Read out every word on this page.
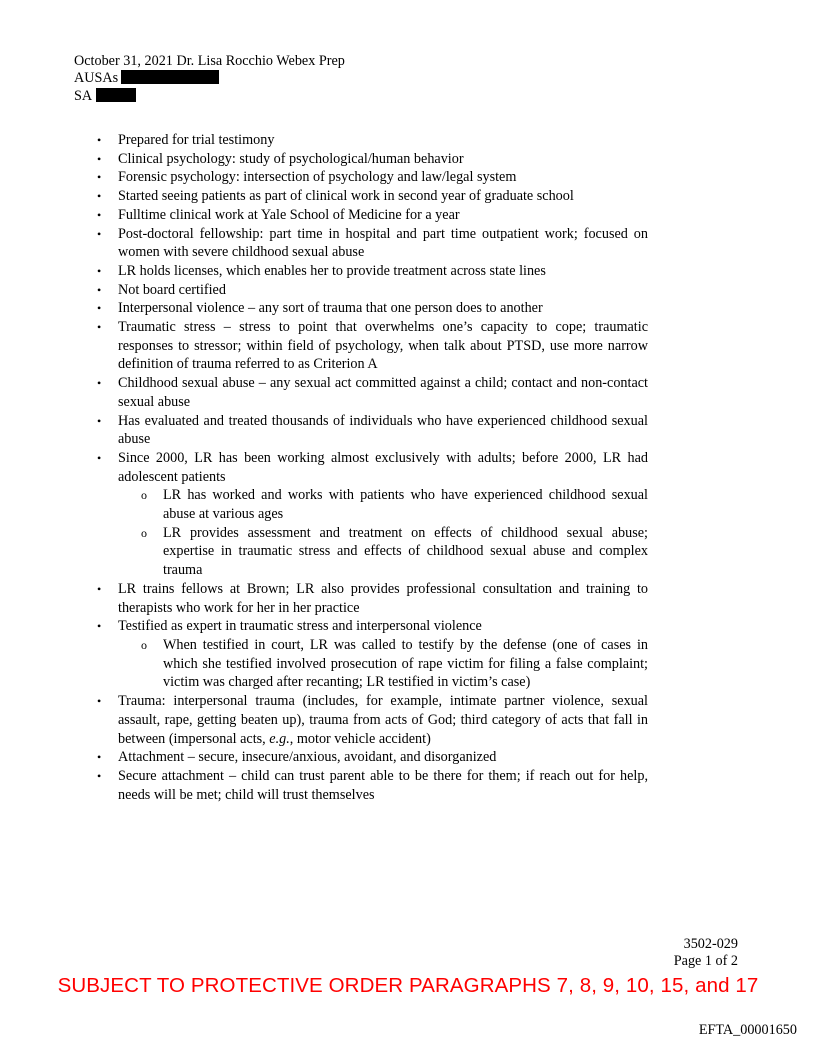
October 31, 2021 Dr. Lisa Rocchio Webex Prep
AUSAs
SA
•	Prepared for trial testimony
•	Clinical psychology: study of psychological/human behavior
•	Forensic psychology: intersection of psychology and law/legal system
•	Started seeing patients as part of clinical work in second year of graduate school
•	Fulltime clinical work at Yale School of Medicine for a year
•	Post-doctoral fellowship: part time in hospital and part time outpatient work; focused on women with severe childhood sexual abuse
•	LR holds licenses, which enables her to provide treatment across state lines
•	Not board certified
•	Interpersonal violence – any sort of trauma that one person does to another
•	Traumatic stress – stress to point that overwhelms one’s capacity to cope; traumatic responses to stressor; within field of psychology, when talk about PTSD, use more narrow definition of trauma referred to as Criterion A
•	Childhood sexual abuse – any sexual act committed against a child; contact and non-contact sexual abuse
•	Has evaluated and treated thousands of individuals who have experienced childhood sexual abuse
•	Since 2000, LR has been working almost exclusively with adults; before 2000, LR had adolescent patients
o	LR has worked and works with patients who have experienced childhood sexual abuse at various ages
o	LR provides assessment and treatment on effects of childhood sexual abuse; expertise in traumatic stress and effects of childhood sexual abuse and complex trauma
•	LR trains fellows at Brown; LR also provides professional consultation and training to therapists who work for her in her practice
•	Testified as expert in traumatic stress and interpersonal violence
o	When testified in court, LR was called to testify by the defense (one of cases in which she testified involved prosecution of rape victim for filing a false complaint; victim was charged after recanting; LR testified in victim’s case)
•	Trauma: interpersonal trauma (includes, for example, intimate partner violence, sexual assault, rape, getting beaten up), trauma from acts of God; third category of acts that fall in between (impersonal acts, e.g., motor vehicle accident)
•	Attachment – secure, insecure/anxious, avoidant, and disorganized
•	Secure attachment – child can trust parent able to be there for them; if reach out for help, needs will be met; child will trust themselves
3502-029
Page 1 of 2
SUBJECT TO PROTECTIVE ORDER PARAGRAPHS 7, 8, 9, 10, 15, and 17
EFTA_00001650
